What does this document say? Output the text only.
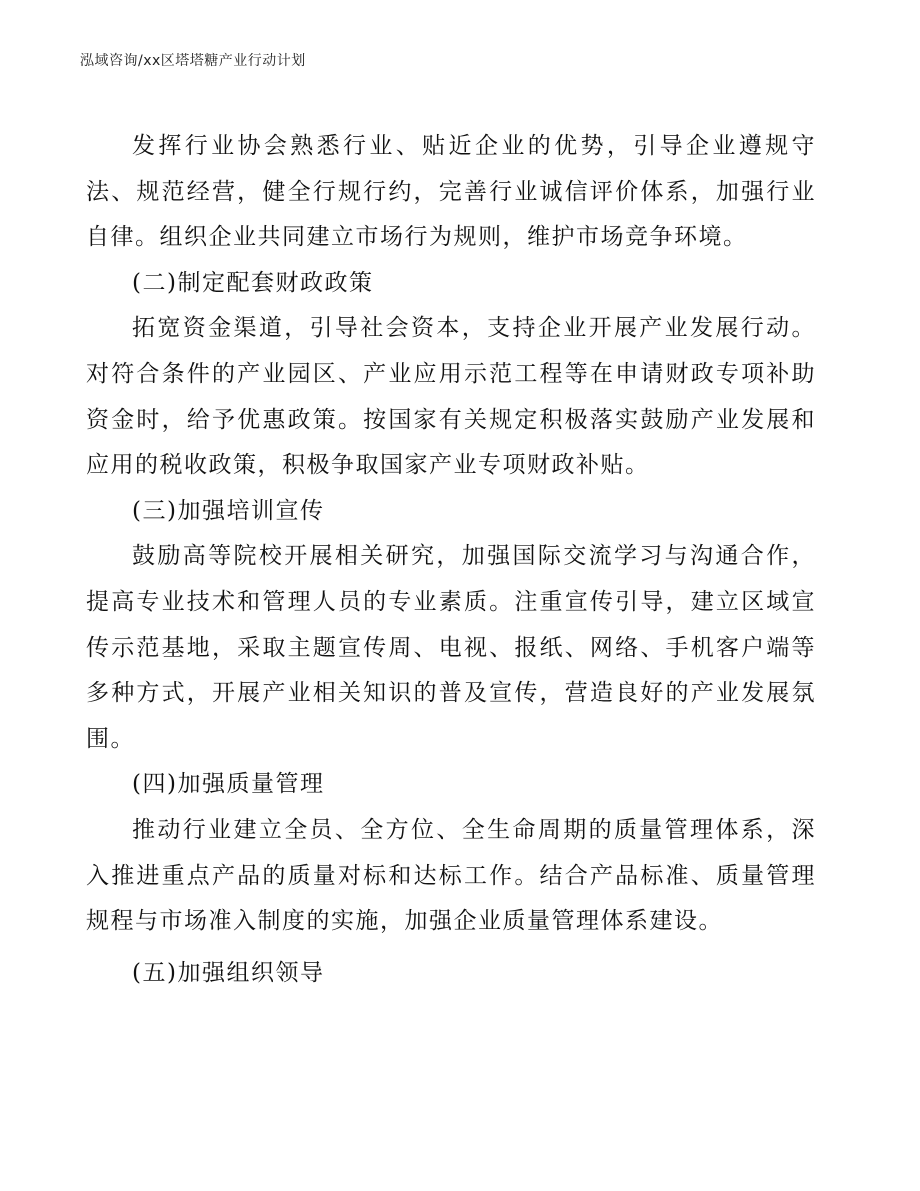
泓域咨询/xx区塔塔糖产业行动计划

发挥行业协会熟悉行业、贴近企业的优势，引导企业遵规守法、规范经营，健全行规行约，完善行业诚信评价体系，加强行业自律。组织企业共同建立市场行为规则，维护市场竞争环境。

(二)制定配套财政政策

拓宽资金渠道，引导社会资本，支持企业开展产业发展行动。对符合条件的产业园区、产业应用示范工程等在申请财政专项补助资金时，给予优惠政策。按国家有关规定积极落实鼓励产业发展和应用的税收政策，积极争取国家产业专项财政补贴。

(三)加强培训宣传

鼓励高等院校开展相关研究，加强国际交流学习与沟通合作，提高专业技术和管理人员的专业素质。注重宣传引导，建立区域宣传示范基地，采取主题宣传周、电视、报纸、网络、手机客户端等多种方式，开展产业相关知识的普及宣传，营造良好的产业发展氛围。

(四)加强质量管理

推动行业建立全员、全方位、全生命周期的质量管理体系，深入推进重点产品的质量对标和达标工作。结合产品标准、质量管理规程与市场准入制度的实施，加强企业质量管理体系建设。

(五)加强组织领导
